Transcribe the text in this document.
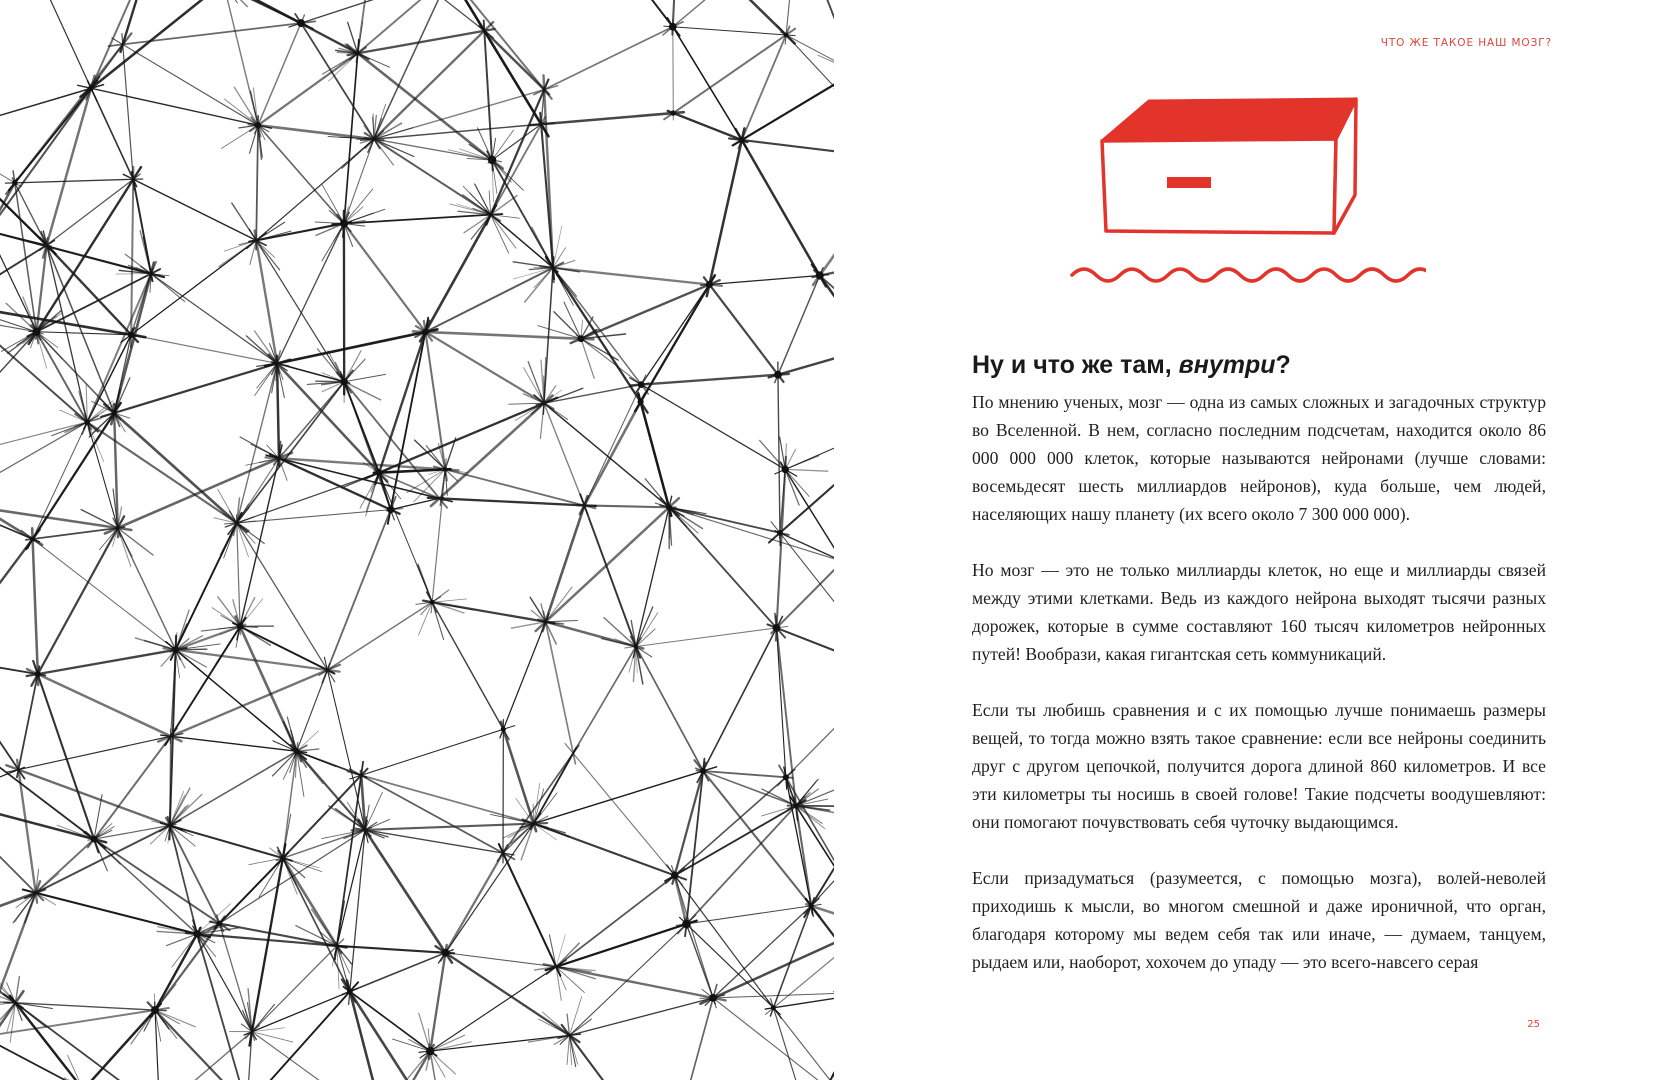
ЧТО ЖЕ ТАКОЕ НАШ МОЗГ?
Ну и что же там, внутри?

По мнению ученых, мозг — одна из самых сложных и загадочных структур во Вселенной. В нем, согласно последним подсчетам, находится около 86 000 000 000 клеток, которые называются нейронами (лучше словами: восемьдесят шесть миллиардов нейронов), куда больше, чем людей, населяющих нашу планету (их всего около 7 300 000 000).

Но мозг — это не только миллиарды клеток, но еще и миллиарды связей между этими клетками. Ведь из каждого нейрона выходят тысячи разных дорожек, которые в сумме составляют 160 тысяч километров нейронных путей! Вообрази, какая гигантская сеть коммуникаций.

Если ты любишь сравнения и с их помощью лучше понимаешь размеры вещей, то тогда можно взять такое сравнение: если все нейроны соединить друг с другом цепочкой, получится дорога длиной 860 километров. И все эти километры ты носишь в своей голове! Такие подсчеты воодушевляют: они помогают почувствовать себя чуточку выдающимся.

Если призадуматься (разумеется, с помощью мозга), волей-неволей приходишь к мысли, во многом смешной и даже ироничной, что орган, благодаря которому мы ведем себя так или иначе, — думаем, танцуем, рыдаем или, наоборот, хохочем до упаду — это всего-навсего серая

25
